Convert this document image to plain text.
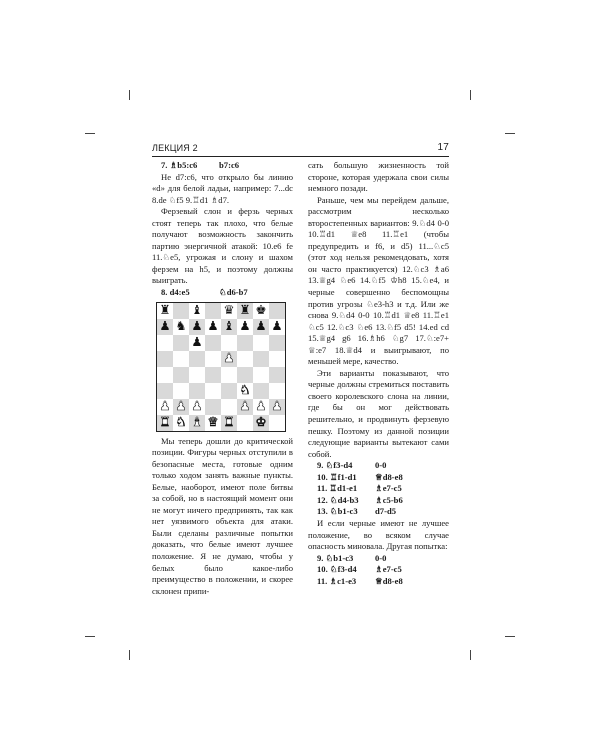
ЛЕКЦИЯ 2	17
7. ♗b5:c6	b7:c6

Не d7:c6, что открыло бы линию «d» для белой ладьи, например: 7...dc 8.de ♘f5 9.♖d1 ♗d7.

Ферзевый слон и ферзь черных стоят теперь так плохо, что белые получают возможность закончить партию энергичной атакой: 10.e6 fe 11.♘e5, угрожая и слону и шахом ферзем на h5, и поэтому должны выиграть.

8. d4:e5	♘d6-b7
♜ ♝ ♛ ♜ ♚
♟ ♞ ♟ ♟ ♝ ♟ ♟ ♟
♟
♟
♞
♟ ♟ ♟	♟ ♟ ♟
♜ ♞ ♝ ♛ ♜ ♚

Мы теперь дошли до критической позиции. Фигуры черных отступили в безопасные места, готовые одним только ходом занять важные пункты. Белые, наоборот, имеют поле битвы за собой, но в настоящий момент они не могут ничего предпринять, так как нет уязвимого объекта для атаки. Были сделаны различные попытки доказать, что белые имеют лучшее положение. Я не думаю, чтобы у белых было какое-либо преимущество в положении, и скорее склонен припи-

сать большую жизненность той стороне, которая удержала свои силы немного позади.

Раньше, чем мы перейдем дальше, рассмотрим несколько второстепенных вариантов: 9.♘d4 0-0 10.♖d1 ♕e8 11.♖e1 (чтобы предупредить и f6, и d5) 11...♘c5 (этот ход нельзя рекомендовать, хотя он часто практикуется) 12.♘c3 ♗a6 13.♕g4 ♘e6 14.♘f5 ♔h8 15.♘e4, и черные совершенно беспомощны против угрозы ♘e3-h3 и т.д. Или же снова 9.♘d4 0-0 10.♖d1 ♕e8 11.♖e1 ♘c5 12.♘c3 ♘e6 13.♘f5 d5! 14.ed cd 15.♕g4 g6 16.♗h6 ♘g7 17.♘:e7+ ♕:e7 18.♕d4 и выигрывают, по меньшей мере, качество.

Эти варианты показывают, что черные должны стремиться поставить своего королевского слона на линии, где бы он мог действовать решительно, и продвинуть ферзевую пешку. Поэтому из данной позиции следующие варианты вытекают сами собой.

9. ♘f3-d4	0-0
10. ♖f1-d1	♕d8-e8
11. ♖d1-e1	♗e7-c5
12. ♘d4-b3	♗c5-b6
13. ♘b1-c3	d7-d5

И если черные имеют не лучшее положение, во всяком случае опасность миновала. Другая попытка:

9. ♘b1-c3	0-0
10. ♘f3-d4	♗e7-c5
11. ♗c1-e3	♕d8-e8
